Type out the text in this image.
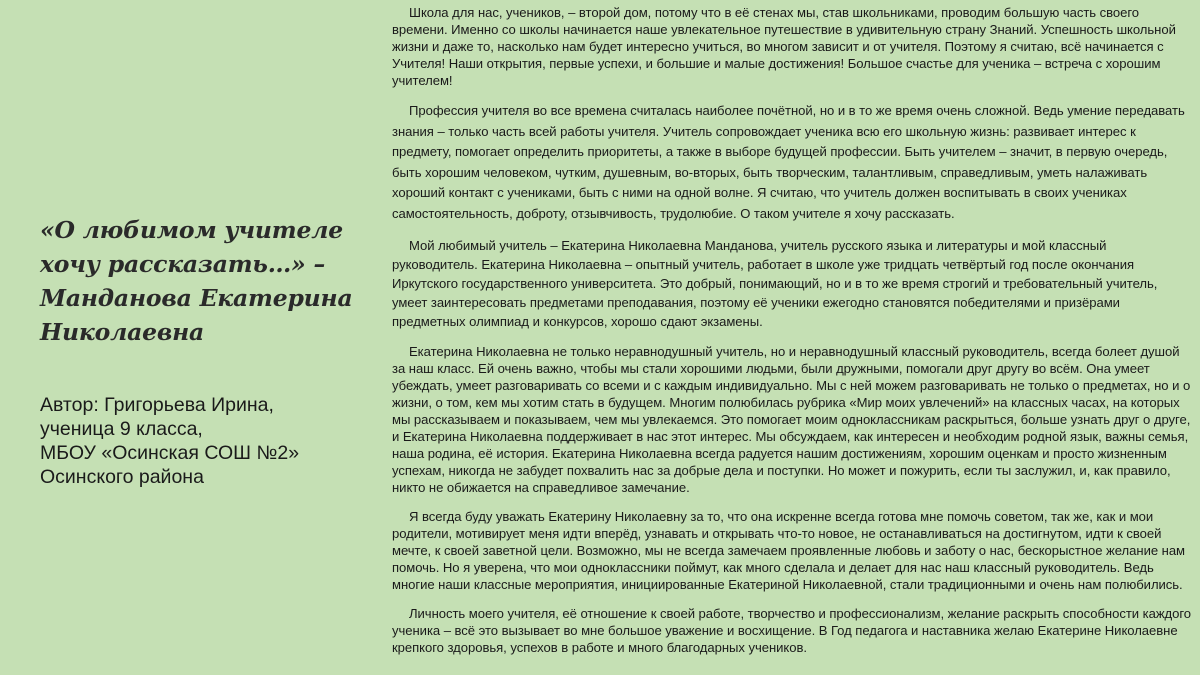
«О любимом учителе хочу рассказать…» – Манданова Екатерина Николаевна
Автор: Григорьева Ирина,
ученица 9 класса,
МБОУ «Осинская СОШ №2»
Осинского района

Школа для нас, учеников, – второй дом, потому что в её стенах мы, став школьниками, проводим большую часть своего времени. Именно со школы начинается наше увлекательное путешествие в удивительную страну Знаний. Успешность школьной жизни и даже то, насколько нам будет интересно учиться, во многом зависит и от учителя. Поэтому я считаю, всё начинается с Учителя! Наши открытия, первые успехи, и большие и малые достижения! Большое счастье для ученика – встреча с хорошим учителем!

Профессия учителя во все времена считалась наиболее почётной, но и в то же время очень сложной. Ведь умение передавать знания – только часть всей работы учителя. Учитель сопровождает ученика всю его школьную жизнь: развивает интерес к предмету, помогает определить приоритеты, а также в выборе будущей профессии. Быть учителем – значит, в первую очередь, быть хорошим человеком, чутким, душевным, во-вторых, быть творческим, талантливым, справедливым, уметь налаживать хороший контакт с учениками, быть с ними на одной волне. Я считаю, что учитель должен воспитывать в своих учениках самостоятельность, доброту, отзывчивость, трудолюбие. О таком учителе я хочу рассказать.

Мой любимый учитель – Екатерина Николаевна Манданова, учитель русского языка и литературы и мой классный руководитель. Екатерина Николаевна – опытный учитель, работает в школе уже тридцать четвёртый год после окончания Иркутского государственного университета. Это добрый, понимающий, но и в то же время строгий и требовательный учитель, умеет заинтересовать предметами преподавания, поэтому её ученики ежегодно становятся победителями и призёрами предметных олимпиад и конкурсов, хорошо сдают экзамены.

Екатерина Николаевна не только неравнодушный учитель, но и неравнодушный классный руководитель, всегда болеет душой за наш класс. Ей очень важно, чтобы мы стали хорошими людьми, были дружными, помогали друг другу во всём. Она умеет убеждать, умеет разговаривать со всеми и с каждым индивидуально. Мы с ней можем разговаривать не только о предметах, но и о жизни, о том, кем мы хотим стать в будущем. Многим полюбилась рубрика «Мир моих увлечений» на классных часах, на которых мы рассказываем и показываем, чем мы увлекаемся. Это помогает моим одноклассникам раскрыться, больше узнать друг о друге, и Екатерина Николаевна поддерживает в нас этот интерес. Мы обсуждаем, как интересен и необходим родной язык, важны семья, наша родина, её история. Екатерина Николаевна всегда радуется нашим достижениям, хорошим оценкам и просто жизненным успехам, никогда не забудет похвалить нас за добрые дела и поступки. Но может и пожурить, если ты заслужил, и, как правило, никто не обижается на справедливое замечание.

Я всегда буду уважать Екатерину Николаевну за то, что она искренне всегда готова мне помочь советом, так же, как и мои родители, мотивирует меня идти вперёд, узнавать и открывать что-то новое, не останавливаться на достигнутом, идти к своей мечте, к своей заветной цели. Возможно, мы не всегда замечаем проявленные любовь и заботу о нас, бескорыстное желание нам помочь. Но я уверена, что мои одноклассники поймут, как много сделала и делает для нас наш классный руководитель. Ведь многие наши классные мероприятия, инициированные Екатериной Николаевной, стали традиционными и очень нам полюбились.

Личность моего учителя, её отношение к своей работе, творчество и профессионализм, желание раскрыть способности каждого ученика – всё это вызывает во мне большое уважение и восхищение. В Год педагога и наставника желаю Екатерине Николаевне крепкого здоровья, успехов в работе и много благодарных учеников.
